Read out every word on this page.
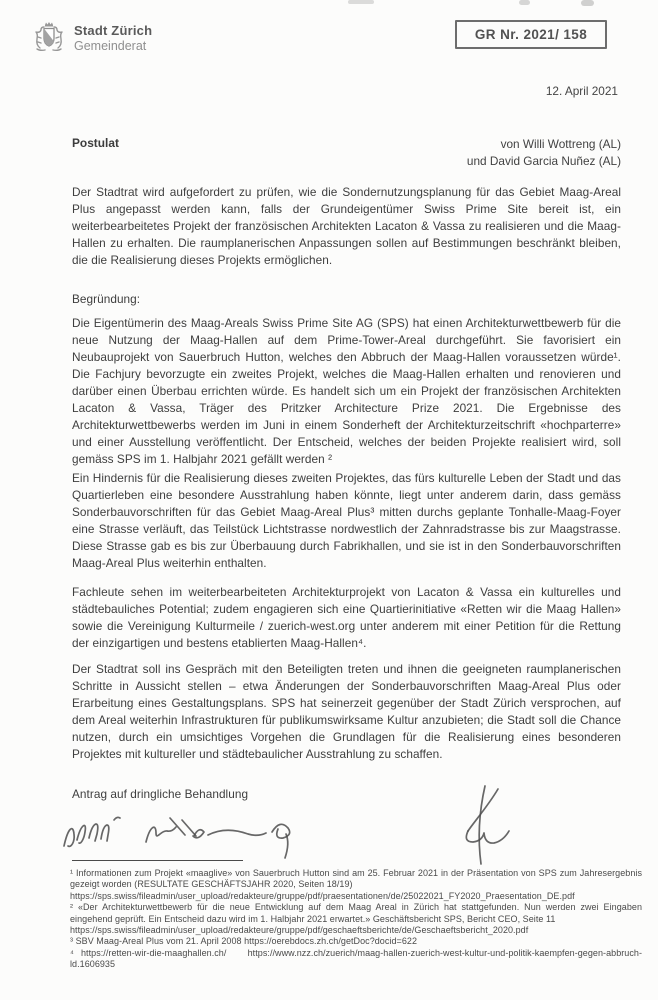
Stadt Zürich
Gemeinderat
GR Nr. 2021/ 158
12. April 2021
Postulat	von Willi Wottreng (AL)
und David Garcia Nuñez (AL)

Der Stadtrat wird aufgefordert zu prüfen, wie die Sondernutzungsplanung für das Gebiet Maag-Areal Plus angepasst werden kann, falls der Grundeigentümer Swiss Prime Site bereit ist, ein weiterbearbeitetes Projekt der französischen Architekten Lacaton & Vassa zu realisieren und die Maag-Hallen zu erhalten. Die raumplanerischen Anpassungen sollen auf Bestimmungen beschränkt bleiben, die die Realisierung dieses Projekts ermöglichen.

Begründung:

Die Eigentümerin des Maag-Areals Swiss Prime Site AG (SPS) hat einen Architekturwettbewerb für die neue Nutzung der Maag-Hallen auf dem Prime-Tower-Areal durchgeführt. Sie favorisiert ein Neubauprojekt von Sauerbruch Hutton, welches den Abbruch der Maag-Hallen voraussetzen würde¹. Die Fachjury bevorzugte ein zweites Projekt, welches die Maag-Hallen erhalten und renovieren und darüber einen Überbau errichten würde. Es handelt sich um ein Projekt der französischen Architekten Lacaton & Vassa, Träger des Pritzker Architecture Prize 2021. Die Ergebnisse des Architekturwettbewerbs werden im Juni in einem Sonderheft der Architekturzeitschrift «hochparterre» und einer Ausstellung veröffentlicht. Der Entscheid, welches der beiden Projekte realisiert wird, soll gemäss SPS im 1. Halbjahr 2021 gefällt werden ²

Ein Hindernis für die Realisierung dieses zweiten Projektes, das fürs kulturelle Leben der Stadt und das Quartierleben eine besondere Ausstrahlung haben könnte, liegt unter anderem darin, dass gemäss Sonderbauvorschriften für das Gebiet Maag-Areal Plus³ mitten durchs geplante Tonhalle-Maag-Foyer eine Strasse verläuft, das Teilstück Lichtstrasse nordwestlich der Zahnradstrasse bis zur Maagstrasse. Diese Strasse gab es bis zur Überbauung durch Fabrikhallen, und sie ist in den Sonderbauvorschriften Maag-Areal Plus weiterhin enthalten.

Fachleute sehen im weiterbearbeiteten Architekturprojekt von Lacaton & Vassa ein kulturelles und städtebauliches Potential; zudem engagieren sich eine Quartierinitiative «Retten wir die Maag Hallen» sowie die Vereinigung Kulturmeile / zuerich-west.org unter anderem mit einer Petition für die Rettung der einzigartigen und bestens etablierten Maag-Hallen⁴.

Der Stadtrat soll ins Gespräch mit den Beteiligten treten und ihnen die geeigneten raumplanerischen Schritte in Aussicht stellen – etwa Änderungen der Sonderbauvorschriften Maag-Areal Plus oder Erarbeitung eines Gestaltungsplans. SPS hat seinerzeit gegenüber der Stadt Zürich versprochen, auf dem Areal weiterhin Infrastrukturen für publikumswirksame Kultur anzubieten; die Stadt soll die Chance nutzen, durch ein umsichtiges Vorgehen die Grundlagen für die Realisierung eines besonderen Projektes mit kultureller und städtebaulicher Ausstrahlung zu schaffen.

Antrag auf dringliche Behandlung

¹ Informationen zum Projekt «maaglive» von Sauerbruch Hutton sind am 25. Februar 2021 in der Präsentation von SPS zum Jahresergebnis gezeigt worden (RESULTATE GESCHÄFTSJAHR 2020, Seiten 18/19)
https://sps.swiss/fileadmin/user_upload/redakteure/gruppe/pdf/praesentationen/de/25022021_FY2020_Praesentation_DE.pdf
² «Der Architekturwettbewerb für die neue Entwicklung auf dem Maag Areal in Zürich hat stattgefunden. Nun werden zwei Eingaben eingehend geprüft. Ein Entscheid dazu wird im 1. Halbjahr 2021 erwartet.» Geschäftsbericht SPS, Bericht CEO, Seite 11
https://sps.swiss/fileadmin/user_upload/redakteure/gruppe/pdf/geschaeftsberichte/de/Geschaeftsbericht_2020.pdf
³ SBV Maag-Areal Plus vom 21. April 2008 https://oerebdocs.zh.ch/getDoc?docid=622
⁴ https://retten-wir-die-maaghallen.ch/   https://www.nzz.ch/zuerich/maag-hallen-zuerich-west-kultur-und-politik-kaempfen-gegen-abbruch-ld.1606935
